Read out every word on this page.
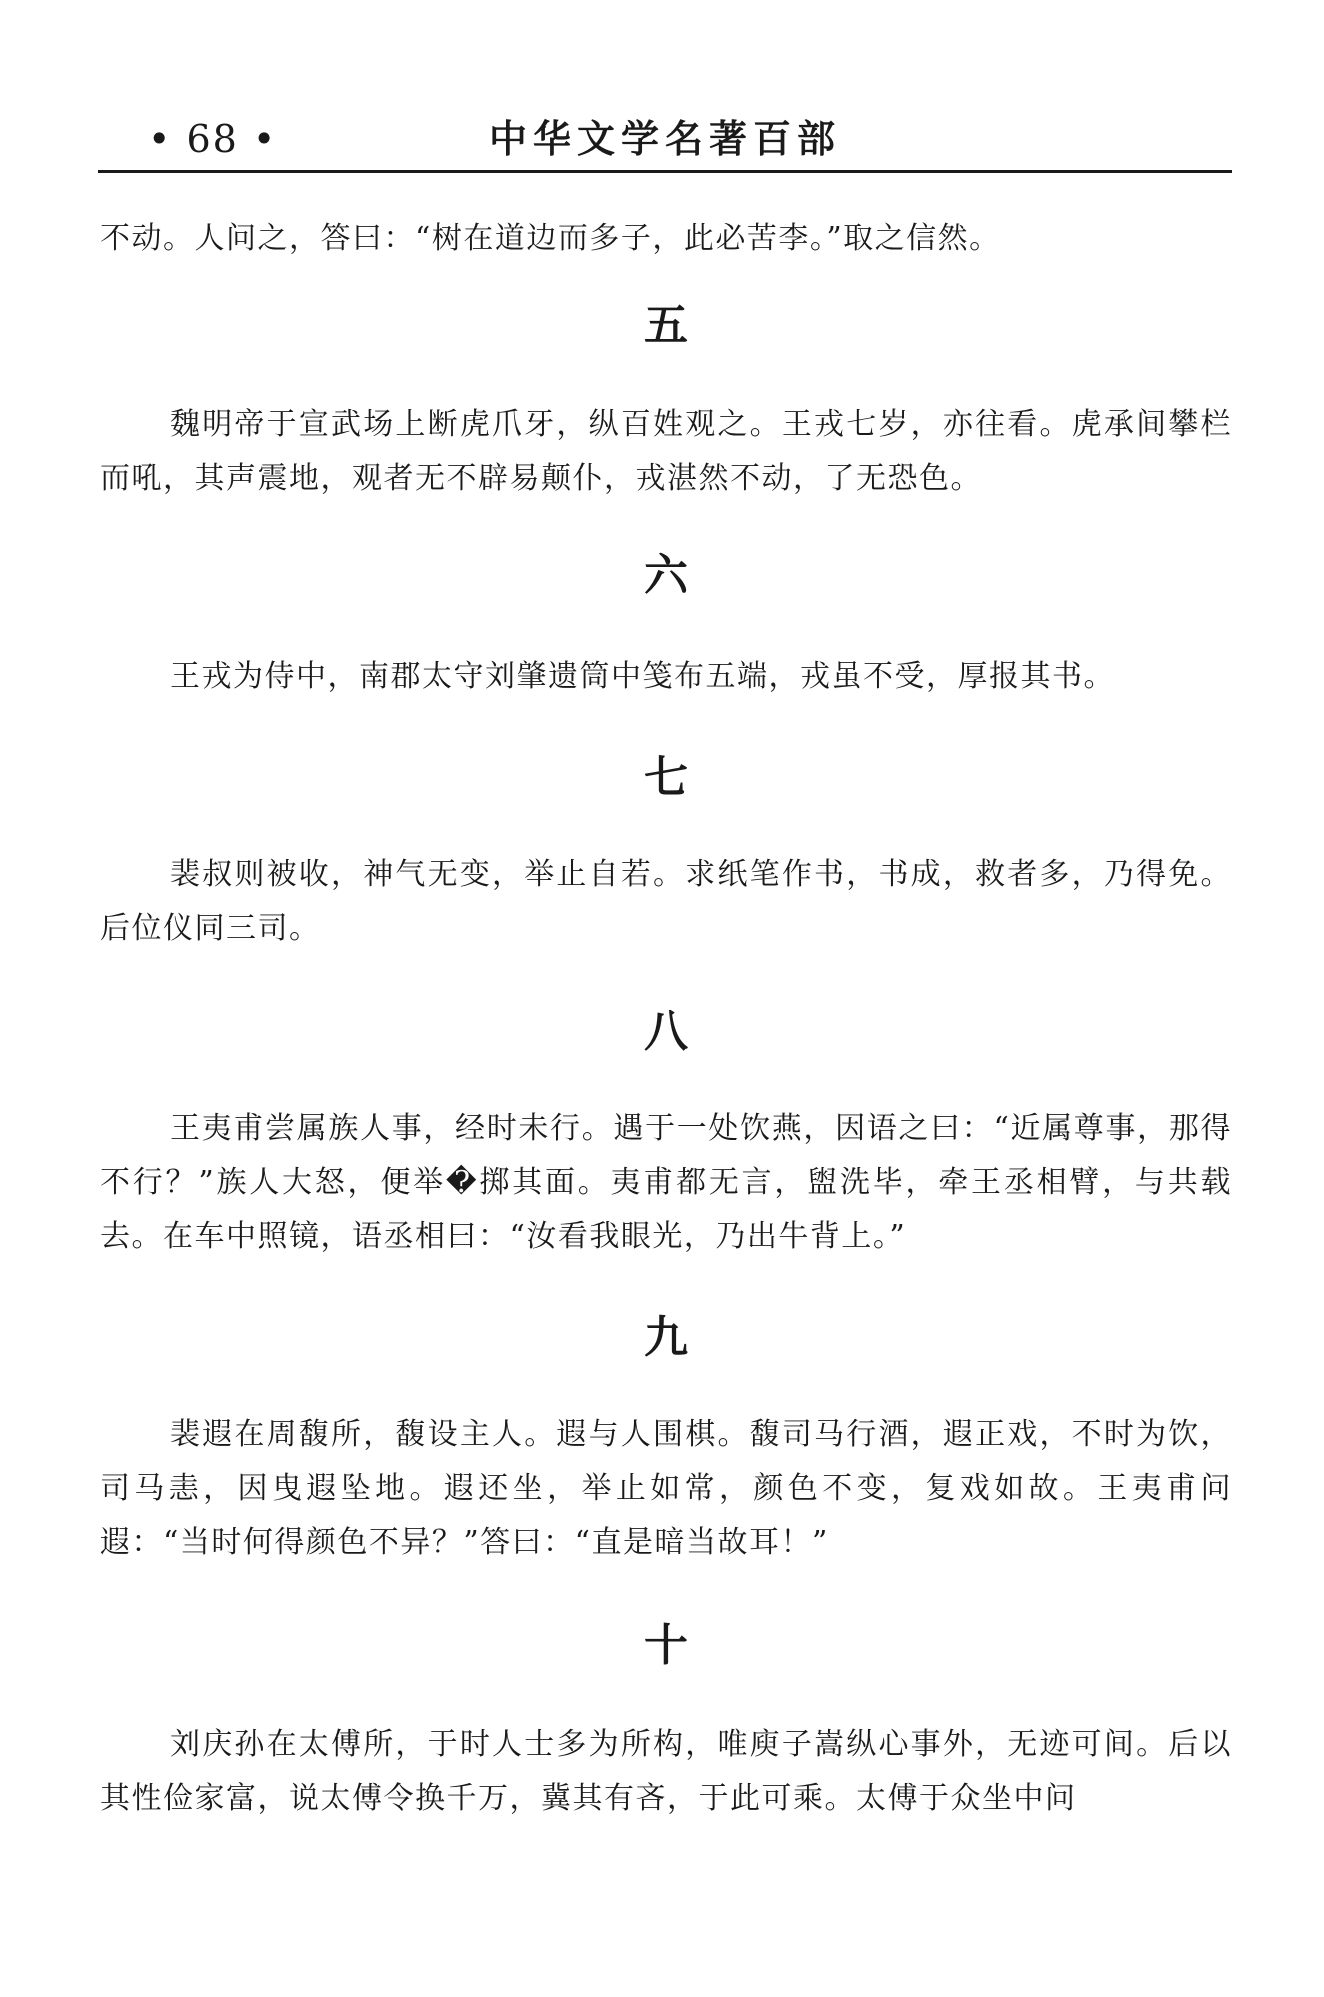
• 68 •	中华文学名著百部

不动。人问之，答曰：“树在道边而多子，此必苦李。”取之信然。

五

魏明帝于宣武场上断虎爪牙，纵百姓观之。王戎七岁，亦往看。虎承间攀栏而吼，其声震地，观者无不辟易颠仆，戎湛然不动，了无恐色。

六

王戎为侍中，南郡太守刘肇遗筒中笺布五端，戎虽不受，厚报其书。

七

裴叔则被收，神气无变，举止自若。求纸笔作书，书成，救者多，乃得免。后位仪同三司。

八

王夷甫尝属族人事，经时未行。遇于一处饮燕，因语之曰：“近属尊事，那得不行？”族人大怒，便举�掷其面。夷甫都无言，盥洗毕，牵王丞相臂，与共载去。在车中照镜，语丞相曰：“汝看我眼光，乃出牛背上。”

九

裴遐在周馥所，馥设主人。遐与人围棋。馥司马行酒，遐正戏，不时为饮，司马恚，因曳遐坠地。遐还坐，举止如常，颜色不变，复戏如故。王夷甫问遐：“当时何得颜色不异？”答曰：“直是暗当故耳！”

十

刘庆孙在太傅所，于时人士多为所构，唯庾子嵩纵心事外，无迹可间。后以其性俭家富，说太傅令换千万，冀其有吝，于此可乘。太傅于众坐中问
